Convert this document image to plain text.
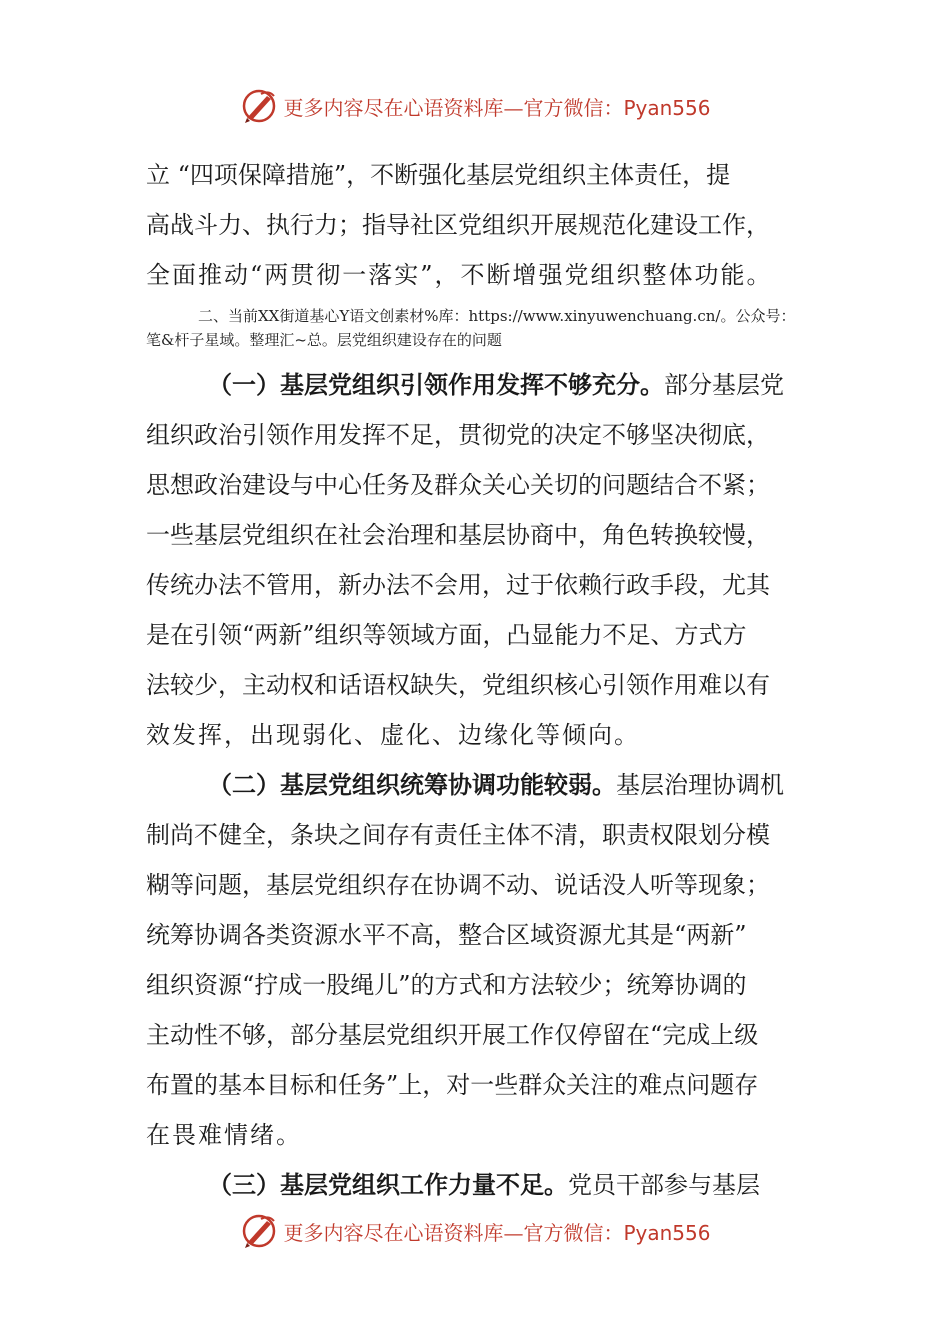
更多内容尽在心语资料库—官方微信：Pyan556
立 “四项保障措施”，不断强化基层党组织主体责任，提
高战斗力、执行力；指导社区党组织开展规范化建设工作，
全面推动“两贯彻一落实”，不断增强党组织整体功能。
二、当前XX街道基心Y语文创素材%库：https://www.xinyuwenchuang.cn/。公众号：
笔&杆子星域。整理汇~总。层党组织建设存在的问题
（一）基层党组织引领作用发挥不够充分。部分基层党
组织政治引领作用发挥不足，贯彻党的决定不够坚决彻底，
思想政治建设与中心任务及群众关心关切的问题结合不紧；
一些基层党组织在社会治理和基层协商中，角色转换较慢，
传统办法不管用，新办法不会用，过于依赖行政手段，尤其
是在引领“两新”组织等领域方面，凸显能力不足、方式方
法较少，主动权和话语权缺失，党组织核心引领作用难以有
效发挥，出现弱化、虚化、边缘化等倾向。
（二）基层党组织统筹协调功能较弱。基层治理协调机
制尚不健全，条块之间存有责任主体不清，职责权限划分模
糊等问题，基层党组织存在协调不动、说话没人听等现象；
统筹协调各类资源水平不高，整合区域资源尤其是“两新”
组织资源“拧成一股绳儿”的方式和方法较少；统筹协调的
主动性不够，部分基层党组织开展工作仅停留在“完成上级
布置的基本目标和任务”上，对一些群众关注的难点问题存
在畏难情绪。
（三）基层党组织工作力量不足。党员干部参与基层
更多内容尽在心语资料库—官方微信：Pyan556
